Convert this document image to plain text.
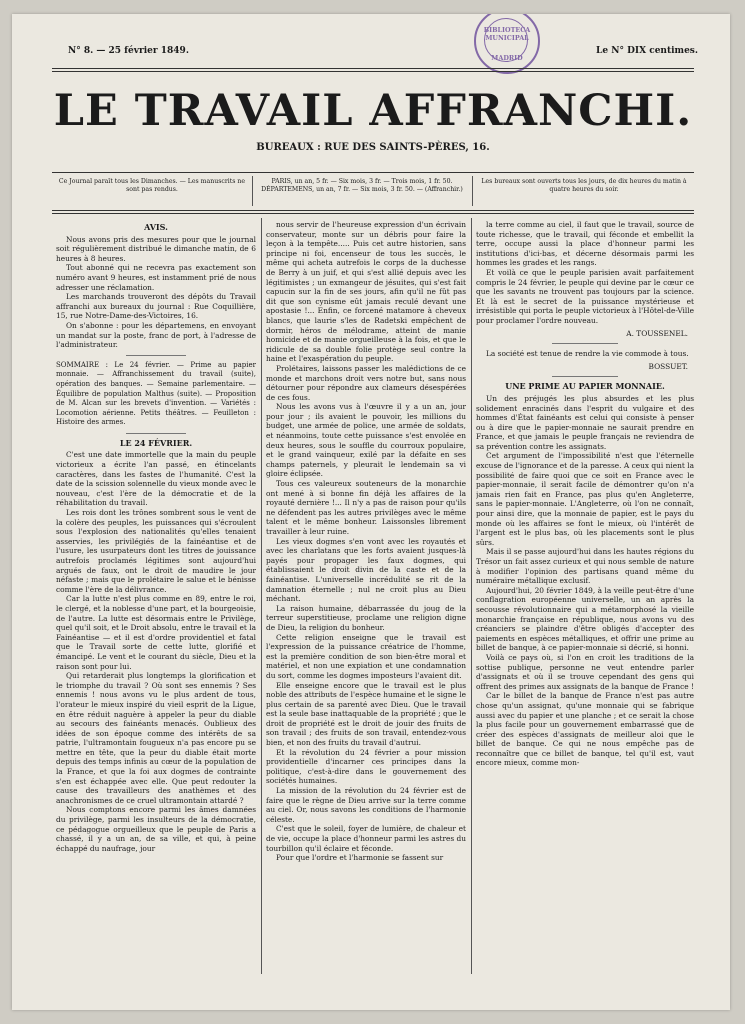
BIBLIOTECA MUNICIPAL
MADRID
N° 8. — 25 février 1849.	Le N° DIX centimes.
LE TRAVAIL AFFRANCHI.
BUREAUX : RUE DES SAINTS-PÈRES, 16.
Ce Journal paraît tous les Dimanches. — Les manuscrits ne sont pas rendus.
PARIS, un an, 5 fr. — Six mois, 3 fr. — Trois mois, 1 fr. 50. DÉPARTEMENS, un an, 7 fr. — Six mois, 3 fr. 50. — (Affranchir.)
Les bureaux sont ouverts tous les jours, de dix heures du matin à quatre heures du soir.
AVIS.

Nous avons pris des mesures pour que le journal soit régulièrement distribué le dimanche matin, de 6 heures à 8 heures.

Tout abonné qui ne recevra pas exactement son numéro avant 9 heures, est instamment prié de nous adresser une réclamation.

Les marchands trouveront des dépôts du Travail affranchi aux bureaux du journal : Rue Coquillière, 15, rue Notre-Dame-des-Victoires, 16.

On s'abonne : pour les départemens, en envoyant un mandat sur la poste, franc de port, à l'adresse de l'administrateur.

SOMMAIRE : Le 24 février. — Prime au papier monnaie. — Affranchissement du travail (suite), opération des banques. — Semaine parlementaire. — Équilibre de population Malthus (suite). — Proposition de M. Alcan sur les brevets d'invention. — Variétés : Locomotion aérienne. Petits théâtres. — Feuilleton : Histoire des armes.

LE 24 FÉVRIER.

C'est une date immortelle que la main du peuple victorieux a écrite l'an passé, en étincelants caractères, dans les fastes de l'humanité. C'est la date de la scission solennelle du vieux monde avec le nouveau, c'est l'ère de la démocratie et de la réhabilitation du travail.

Les rois dont les trônes sombrent sous le vent de la colère des peuples, les puissances qui s'écroulent sous l'explosion des nationalités qu'elles tenaient asservies, les privilégiés de la fainéantise et de l'usure, les usurpateurs dont les titres de jouissance autrefois proclamés légitimes sont aujourd'hui argués de faux, ont le droit de maudire le jour néfaste ; mais que le prolétaire le salue et le bénisse comme l'ère de la délivrance.

Car la lutte n'est plus comme en 89, entre le roi, le clergé, et la noblesse d'une part, et la bourgeoisie, de l'autre. La lutte est désormais entre le Privilège, quel qu'il soit, et le Droit absolu, entre le travail et la Fainéantise — et il est d'ordre providentiel et fatal que le Travail sorte de cette lutte, glorifié et émancipé. Le vent et le courant du siècle, Dieu et la raison sont pour lui.

Qui retarderait plus longtemps la glorification et le triomphe du travail ? Où sont ses ennemis ? Ses ennemis ! nous avons vu le plus ardent de tous, l'orateur le mieux inspiré du vieil esprit de la Ligue, en être réduit naguère à appeler la peur du diable au secours des fainéants menacés. Oublieux des idées de son époque comme des intérêts de sa patrie, l'ultramontain fougueux n'a pas encore pu se mettre en tête, que la peur du diable était morte depuis des temps infinis au cœur de la population de la France, et que la foi aux dogmes de contrainte s'en est échappée avec elle. Que peut redouter la cause des travailleurs des anathèmes et des anachronismes de ce cruel ultramontain attardé ?

Nous comptons encore parmi les âmes damnées du privilège, parmi les insulteurs de la démocratie, ce pédagogue orgueilleux que le peuple de Paris a chassé, il y a un an, de sa ville, et qui, à peine échappé du naufrage, jour

nous servir de l'heureuse expression d'un écrivain conservateur, monte sur un débris pour faire la leçon à la tempête..... Puis cet autre historien, sans principe ni foi, encenseur de tous les succès, le même qui acheta autrefois le corps de la duchesse de Berry à un juif, et qui s'est allié depuis avec les légitimistes ; un exmangeur de jésuites, qui s'est fait capucin sur la fin de ses jours, afin qu'il ne fût pas dit que son cynisme eût jamais reculé devant une apostasie !... Enfin, ce forcené matamore à cheveux blancs, que laurie s'les de Radetski empêchent de dormir, héros de mélodrame, atteint de manie homicide et de manie orgueilleuse à la fois, et que le ridicule de sa double folie protège seul contre la haine et l'exaspération du peuple.

Prolétaires, laissons passer les malédictions de ce monde et marchons droit vers notre but, sans nous détourner pour répondre aux clameurs désespérées de ces fous.

Nous les avons vus à l'œuvre il y a un an, jour pour jour ; ils avaient le pouvoir, les millions du budget, une armée de police, une armée de soldats, et néanmoins, toute cette puissance s'est envolée en deux heures, sous le souffle du courroux populaire, et le grand vainqueur, exilé par la défaite en ses champs paternels, y pleurait le lendemain sa vi gloire éclipsée.

Tous ces valeureux souteneurs de la monarchie ont mené à si bonne fin déjà les affaires de la royauté dernière !... Il n'y a pas de raison pour qu'ils ne défendent pas les autres privilèges avec le même talent et le même bonheur. Laissonsles librement travailler à leur ruine.

Les vieux dogmes s'en vont avec les royautés et avec les charlatans que les forts avaient jusques-là payés pour propager les faux dogmes, qui établissaient le droit divin de la caste et de la fainéantise. L'universelle incrédulité se rit de la damnation éternelle ; nul ne croit plus au Dieu méchant.

La raison humaine, débarrassée du joug de la terreur superstitieuse, proclame une religion digne de Dieu, la religion du bonheur.

Cette religion enseigne que le travail est l'expression de la puissance créatrice de l'homme, est la première condition de son bien-être moral et matériel, et non une expiation et une condamnation du sort, comme les dogmes imposteurs l'avaient dit.

Elle enseigne encore que le travail est le plus noble des attributs de l'espèce humaine et le signe le plus certain de sa parenté avec Dieu. Que le travail est la seule base inattaquable de la propriété ; que le droit de propriété est le droit de jouir des fruits de son travail ; des fruits de son travail, entendez-vous bien, et non des fruits du travail d'autrui.

Et la révolution du 24 février a pour mission providentielle d'incarner ces principes dans la politique, c'est-à-dire dans le gouvernement des sociétés humaines.

La mission de la révolution du 24 février est de faire que le règne de Dieu arrive sur la terre comme au ciel. Or, nous savons les conditions de l'harmonie céleste.

C'est que le soleil, foyer de lumière, de chaleur et de vie, occupe la place d'honneur parmi les astres du tourbillon qu'il éclaire et féconde.

Pour que l'ordre et l'harmonie se fassent sur

la terre comme au ciel, il faut que le travail, source de toute richesse, que le travail, qui féconde et embellit la terre, occupe aussi la place d'honneur parmi les institutions d'ici-bas, et décerne désormais parmi les hommes les grades et les rangs.

Et voilà ce que le peuple parisien avait parfaitement compris le 24 février, le peuple qui devine par le cœur ce que les savants ne trouvent pas toujours par la science. Et là est le secret de la puissance mystérieuse et irrésistible qui porta le peuple victorieux à l'Hôtel-de-Ville pour proclamer l'ordre nouveau.

A. TOUSSENEL.

La société est tenue de rendre la vie commode à tous.

BOSSUET.

UNE PRIME AU PAPIER MONNAIE.

Un des préjugés les plus absurdes et les plus solidement enracinés dans l'esprit du vulgaire et des hommes d'État fainéants est celui qui consiste à penser ou à dire que le papier-monnaie ne saurait prendre en France, et que jamais le peuple français ne reviendra de sa prévention contre les assignats.

Cet argument de l'impossibilité n'est que l'éternelle excuse de l'ignorance et de la paresse. A ceux qui nient la possibilité de faire quoi que ce soit en France avec le papier-monnaie, il serait facile de démontrer qu'on n'a jamais rien fait en France, pas plus qu'en Angleterre, sans le papier-monnaie. L'Angleterre, où l'on ne connaît, pour ainsi dire, que la monnaie de papier, est le pays du monde où les affaires se font le mieux, où l'intérêt de l'argent est le plus bas, où les placements sont le plus sûrs.

Mais il se passe aujourd'hui dans les hautes régions du Trésor un fait assez curieux et qui nous semble de nature à modifier l'opinion des partisans quand même du numéraire métallique exclusif.

Aujourd'hui, 20 février 1849, à la veille peut-être d'une conflagration européenne universelle, un an après la secousse révolutionnaire qui a métamorphosé la vieille monarchie française en république, nous avons vu des créanciers se plaindre d'être obligés d'accepter des paiements en espèces métalliques, et offrir une prime au billet de banque, à ce papier-monnaie si décrié, si honni.

Voilà ce pays où, si l'on en croit les traditions de la sottise publique, personne ne veut entendre parler d'assignats et où il se trouve cependant des gens qui offrent des primes aux assignats de la banque de France !

Car le billet de la banque de France n'est pas autre chose qu'un assignat, qu'une monnaie qui se fabrique aussi avec du papier et une planche ; et ce serait la chose la plus facile pour un gouvernement embarrassé que de créer des espèces d'assignats de meilleur aloi que le billet de banque. Ce qui ne nous empêche pas de reconnaître que ce billet de banque, tel qu'il est, vaut encore mieux, comme mon-
